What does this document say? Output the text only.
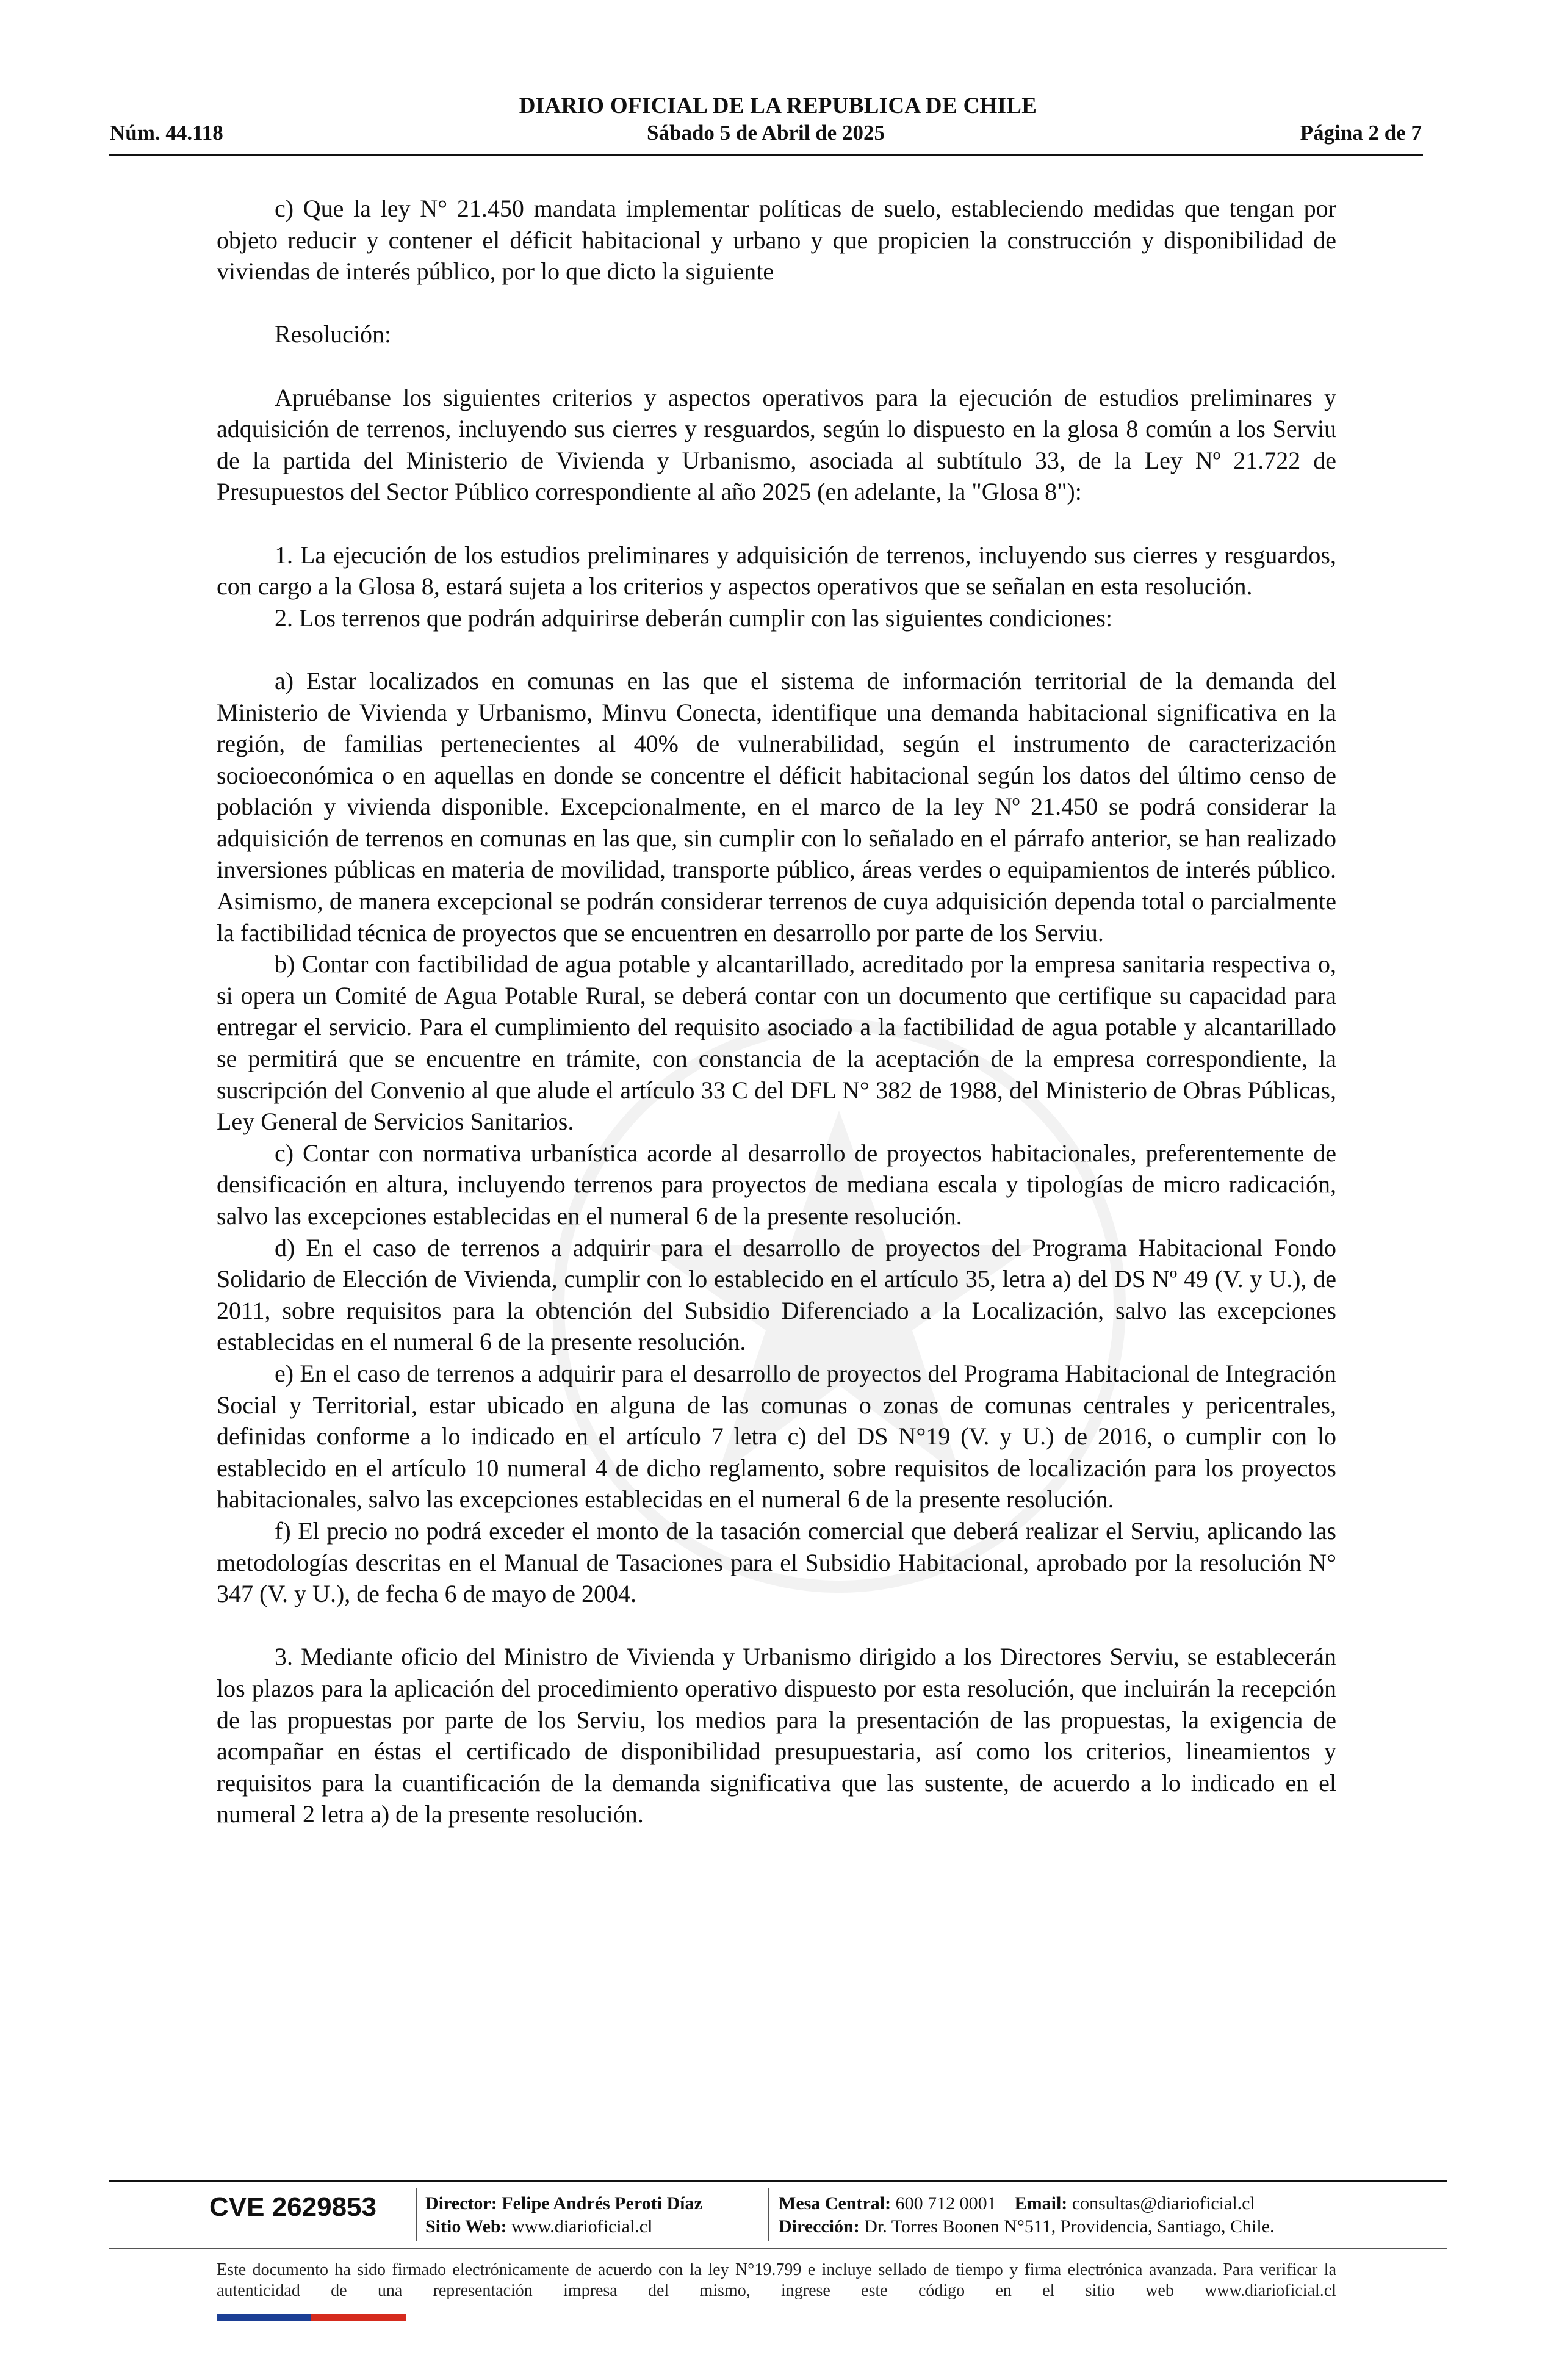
DIARIO OFICIAL DE LA REPUBLICA DE CHILE
Núm. 44.118	Sábado 5 de Abril de 2025	Página 2 de 7

c) Que la ley N° 21.450 mandata implementar políticas de suelo, estableciendo medidas que tengan por objeto reducir y contener el déficit habitacional y urbano y que propicien la construcción y disponibilidad de viviendas de interés público, por lo que dicto la siguiente

Resolución:

Apruébanse los siguientes criterios y aspectos operativos para la ejecución de estudios preliminares y adquisición de terrenos, incluyendo sus cierres y resguardos, según lo dispuesto en la glosa 8 común a los Serviu de la partida del Ministerio de Vivienda y Urbanismo, asociada al subtítulo 33, de la Ley Nº 21.722 de Presupuestos del Sector Público correspondiente al año 2025 (en adelante, la "Glosa 8"):

1. La ejecución de los estudios preliminares y adquisición de terrenos, incluyendo sus cierres y resguardos, con cargo a la Glosa 8, estará sujeta a los criterios y aspectos operativos que se señalan en esta resolución.

2. Los terrenos que podrán adquirirse deberán cumplir con las siguientes condiciones:

a) Estar localizados en comunas en las que el sistema de información territorial de la demanda del Ministerio de Vivienda y Urbanismo, Minvu Conecta, identifique una demanda habitacional significativa en la región, de familias pertenecientes al 40% de vulnerabilidad, según el instrumento de caracterización socioeconómica o en aquellas en donde se concentre el déficit habitacional según los datos del último censo de población y vivienda disponible. Excepcionalmente, en el marco de la ley Nº 21.450 se podrá considerar la adquisición de terrenos en comunas en las que, sin cumplir con lo señalado en el párrafo anterior, se han realizado inversiones públicas en materia de movilidad, transporte público, áreas verdes o equipamientos de interés público. Asimismo, de manera excepcional se podrán considerar terrenos de cuya adquisición dependa total o parcialmente la factibilidad técnica de proyectos que se encuentren en desarrollo por parte de los Serviu.

b) Contar con factibilidad de agua potable y alcantarillado, acreditado por la empresa sanitaria respectiva o, si opera un Comité de Agua Potable Rural, se deberá contar con un documento que certifique su capacidad para entregar el servicio. Para el cumplimiento del requisito asociado a la factibilidad de agua potable y alcantarillado se permitirá que se encuentre en trámite, con constancia de la aceptación de la empresa correspondiente, la suscripción del Convenio al que alude el artículo 33 C del DFL N° 382 de 1988, del Ministerio de Obras Públicas, Ley General de Servicios Sanitarios.

c) Contar con normativa urbanística acorde al desarrollo de proyectos habitacionales, preferentemente de densificación en altura, incluyendo terrenos para proyectos de mediana escala y tipologías de micro radicación, salvo las excepciones establecidas en el numeral 6 de la presente resolución.

d) En el caso de terrenos a adquirir para el desarrollo de proyectos del Programa Habitacional Fondo Solidario de Elección de Vivienda, cumplir con lo establecido en el artículo 35, letra a) del DS Nº 49 (V. y U.), de 2011, sobre requisitos para la obtención del Subsidio Diferenciado a la Localización, salvo las excepciones establecidas en el numeral 6 de la presente resolución.

e) En el caso de terrenos a adquirir para el desarrollo de proyectos del Programa Habitacional de Integración Social y Territorial, estar ubicado en alguna de las comunas o zonas de comunas centrales y pericentrales, definidas conforme a lo indicado en el artículo 7 letra c) del DS N°19 (V. y U.) de 2016, o cumplir con lo establecido en el artículo 10 numeral 4 de dicho reglamento, sobre requisitos de localización para los proyectos habitacionales, salvo las excepciones establecidas en el numeral 6 de la presente resolución.

f) El precio no podrá exceder el monto de la tasación comercial que deberá realizar el Serviu, aplicando las metodologías descritas en el Manual de Tasaciones para el Subsidio Habitacional, aprobado por la resolución N° 347 (V. y U.), de fecha 6 de mayo de 2004.

3. Mediante oficio del Ministro de Vivienda y Urbanismo dirigido a los Directores Serviu, se establecerán los plazos para la aplicación del procedimiento operativo dispuesto por esta resolución, que incluirán la recepción de las propuestas por parte de los Serviu, los medios para la presentación de las propuestas, la exigencia de acompañar en éstas el certificado de disponibilidad presupuestaria, así como los criterios, lineamientos y requisitos para la cuantificación de la demanda significativa que las sustente, de acuerdo a lo indicado en el numeral 2 letra a) de la presente resolución.

CVE 2629853	Director: Felipe Andrés Peroti Díaz
Sitio Web: www.diarioficial.cl
Mesa Central: 600 712 0001 Email: consultas@diarioficial.cl
Dirección: Dr. Torres Boonen N°511, Providencia, Santiago, Chile.
Este documento ha sido firmado electrónicamente de acuerdo con la ley N°19.799 e incluye sellado de tiempo y firma electrónica avanzada. Para verificar la autenticidad de una representación impresa del mismo, ingrese este código en el sitio web www.diarioficial.cl
